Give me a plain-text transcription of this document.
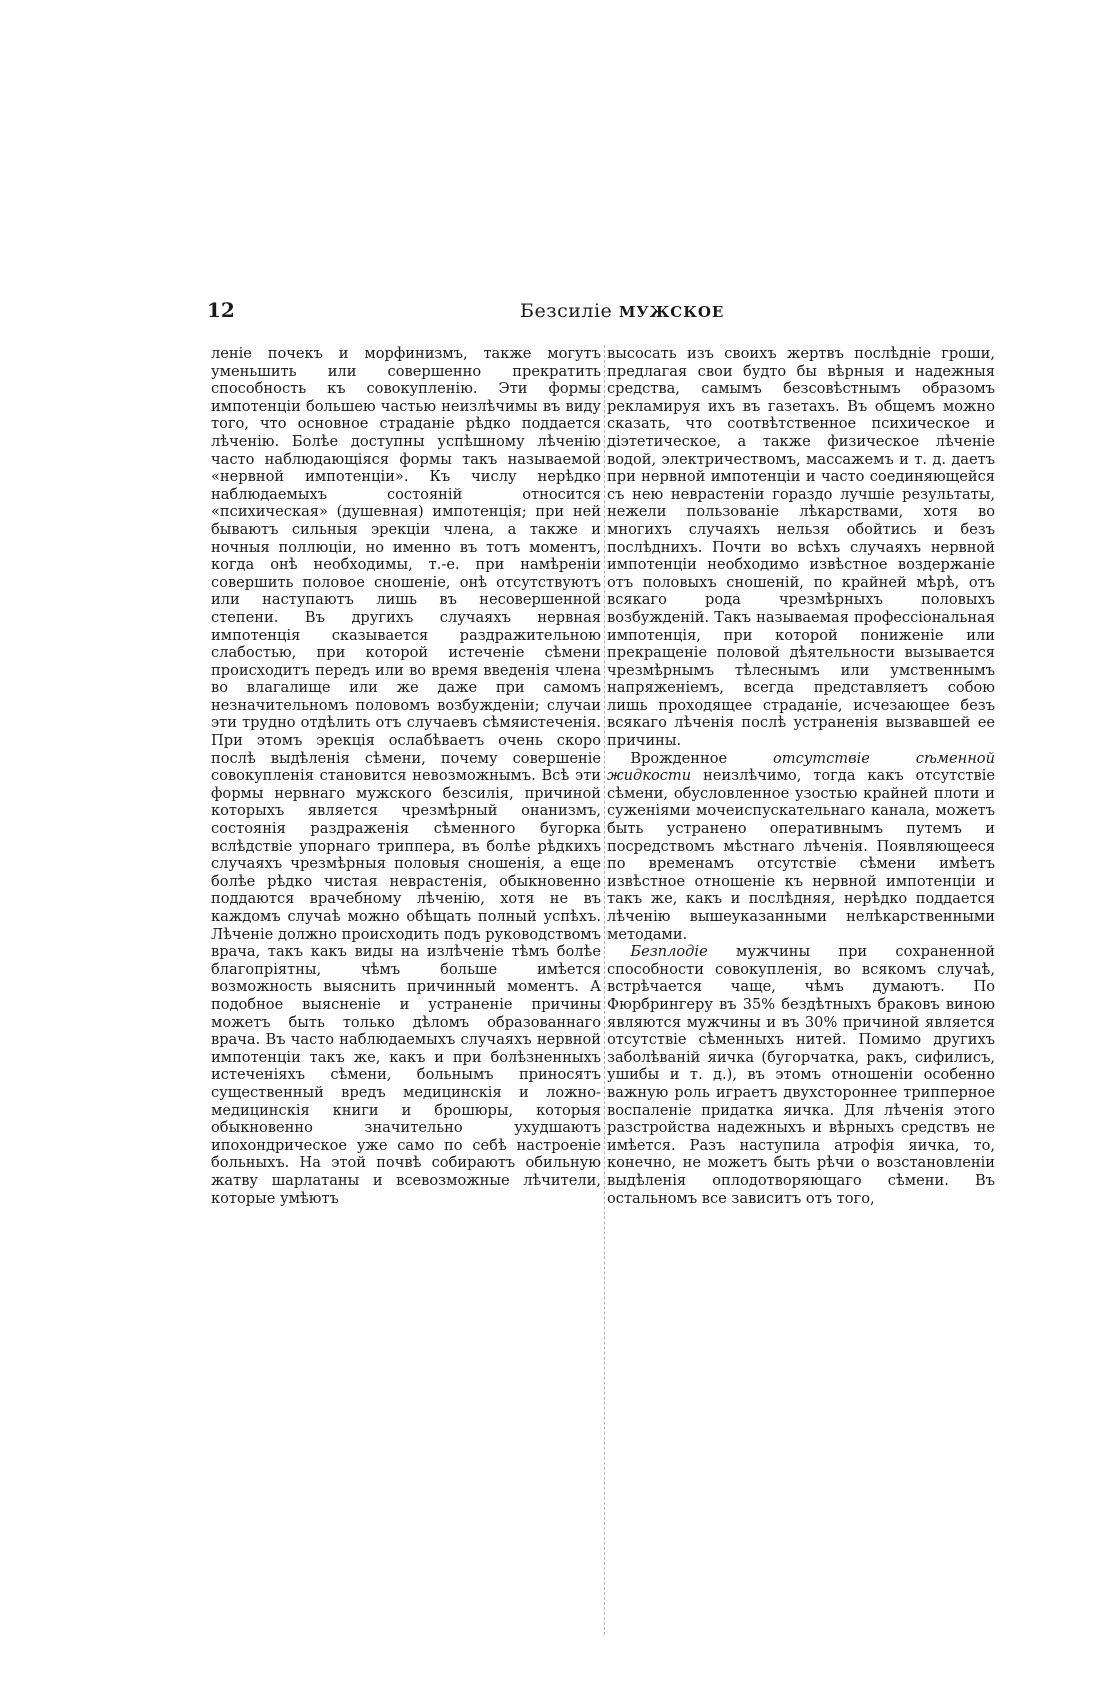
12	Безсилiе МУЖСКОЕ

ленiе почекъ и морфинизмъ, также могутъ уменьшить или совершенно прекратить способность къ совокупленiю. Эти формы импотенцiи большею частью неизлѣчимы въ виду того, что основное страданiе рѣдко поддается лѣченiю. Болѣе доступны успѣшному лѣченiю часто наблюдающiяся формы такъ называемой «нервной импотенцiи». Къ числу нерѣдко наблюдаемыхъ состоянiй относится «психическая» (душевная) импотенцiя; при ней бываютъ сильныя эрекцiи члена, а также и ночныя поллюцiи, но именно въ тотъ моментъ, когда онѣ необходимы, т.-е. при намѣренiи совершить половое сношенiе, онѣ отсутствуютъ или наступаютъ лишь въ несовершенной степени. Въ другихъ случаяхъ нервная импотенцiя сказывается раздражительною слабостью, при которой истеченiе сѣмени происходитъ передъ или во время введенiя члена во влагалище или же даже при самомъ незначительномъ половомъ возбужденiи; случаи эти трудно отдѣлить отъ случаевъ сѣмяистеченiя. При этомъ эрекцiя ослабѣваетъ очень скоро послѣ выдѣленiя сѣмени, почему совершенiе совокупленiя становится невозможнымъ. Всѣ эти формы нервнаго мужского безсилiя, причиной которыхъ является чрезмѣрный онанизмъ, состоянiя раздраженiя сѣменного бугорка вслѣдствiе упорнаго триппера, въ болѣе рѣдкихъ случаяхъ чрезмѣрныя половыя сношенiя, а еще болѣе рѣдко чистая неврастенiя, обыкновенно поддаются врачебному лѣченiю, хотя не въ каждомъ случаѣ можно обѣщать полный успѣхъ. Лѣченiе должно происходить подъ руководствомъ врача, такъ какъ виды на излѣченiе тѣмъ болѣе благопрiятны, чѣмъ больше имѣется возможность выяснить причинный моментъ. А подобное выясненiе и устраненiе причины можетъ быть только дѣломъ образованнаго врача. Въ часто наблюдаемыхъ случаяхъ нервной импотенцiи такъ же, какъ и при болѣзненныхъ истеченiяхъ сѣмени, больнымъ приносятъ существенный вредъ медицинскiя и ложно-медицинскiя книги и брошюры, которыя обыкновенно значительно ухудшаютъ ипохондрическое уже само по себѣ настроенiе больныхъ. На этой почвѣ собираютъ обильную жатву шарлатаны и всевозможные лѣчители, которые умѣютъ

высосать изъ своихъ жертвъ послѣднiе гроши, предлагая свои будто бы вѣрныя и надежныя средства, самымъ безсовѣстнымъ образомъ рекламируя ихъ въ газетахъ. Въ общемъ можно сказать, что соотвѣтственное психическое и дiэтетическое, а также физическое лѣченiе водой, электричествомъ, массажемъ и т. д. даетъ при нервной импотенцiи и часто соединяющейся съ нею неврастенiи гораздо лучшiе результаты, нежели пользованiе лѣкарствами, хотя во многихъ случаяхъ нельзя обойтись и безъ послѣднихъ. Почти во всѣхъ случаяхъ нервной импотенцiи необходимо извѣстное воздержанiе отъ половыхъ сношенiй, по крайней мѣрѣ, отъ всякаго рода чрезмѣрныхъ половыхъ возбужденiй. Такъ называемая профессiональная импотенцiя, при которой пониженiе или прекращенiе половой дѣятельности вызывается чрезмѣрнымъ тѣлеснымъ или умственнымъ напряженiемъ, всегда представляетъ собою лишь проходящее страданiе, исчезающее безъ всякаго лѣченiя послѣ устраненiя вызвавшей ее причины.

Врожденное	отсутствiе сѣменной жидкости неизлѣчимо, тогда какъ отсутствiе сѣмени, обусловленное узостью крайней плоти и суженiями мочеиспускательнаго канала, можетъ быть устранено оперативнымъ путемъ и посредствомъ мѣстнаго лѣченiя. Появляющееся по временамъ отсутствiе сѣмени имѣетъ извѣстное отношенiе къ нервной импотенцiи и такъ же, какъ и послѣдняя, нерѣдко поддается лѣченiю вышеуказанными нелѣкарственными методами.

Безплодiе мужчины при сохраненной способности совокупленiя, во всякомъ случаѣ, встрѣчается чаще, чѣмъ думаютъ. По Фюрбрингеру въ 35% бездѣтныхъ браковъ виною являются мужчины и въ 30% причиной является отсутствiе сѣменныхъ нитей. Помимо другихъ заболѣванiй яичка (бугорчатка, ракъ, сифилисъ, ушибы и т. д.), въ этомъ отношенiи особенно важную роль играетъ двухстороннее трипперное воспаленiе придатка яичка. Для лѣченiя этого разстройства надежныхъ и вѣрныхъ средствъ не имѣется. Разъ наступила атрофiя яичка, то, конечно, не можетъ быть рѣчи о возстановленiи выдѣленiя оплодотворяющаго сѣмени. Въ остальномъ все зависитъ отъ того,
